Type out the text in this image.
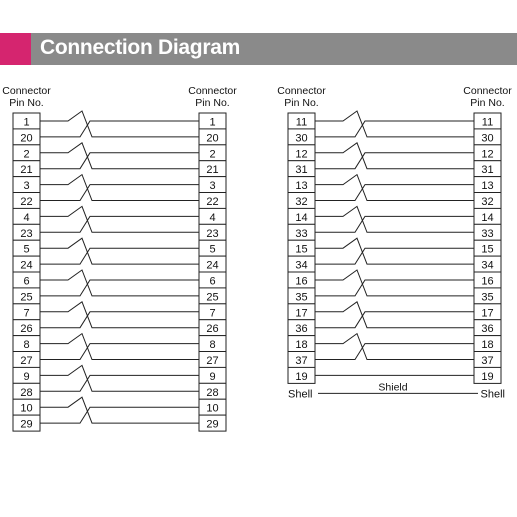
Connection Diagram
Connector
Pin No.
Connector
Pin No.
1
20
1
20
2
21
2
21
3
22
3
22
4
23
4
23
5
24
5
24
6
25
6
25
7
26
7
26
8
27
8
27
9
28
9
28
10
29
10
29
Connector
Pin No.
Connector
Pin No.
11
30
11
30
12
31
12
31
13
32
13
32
14
33
14
33
15
34
15
34
16
35
16
35
17
36
17
36
18
37
18
37
19	19
Shell	Shell
Shield
